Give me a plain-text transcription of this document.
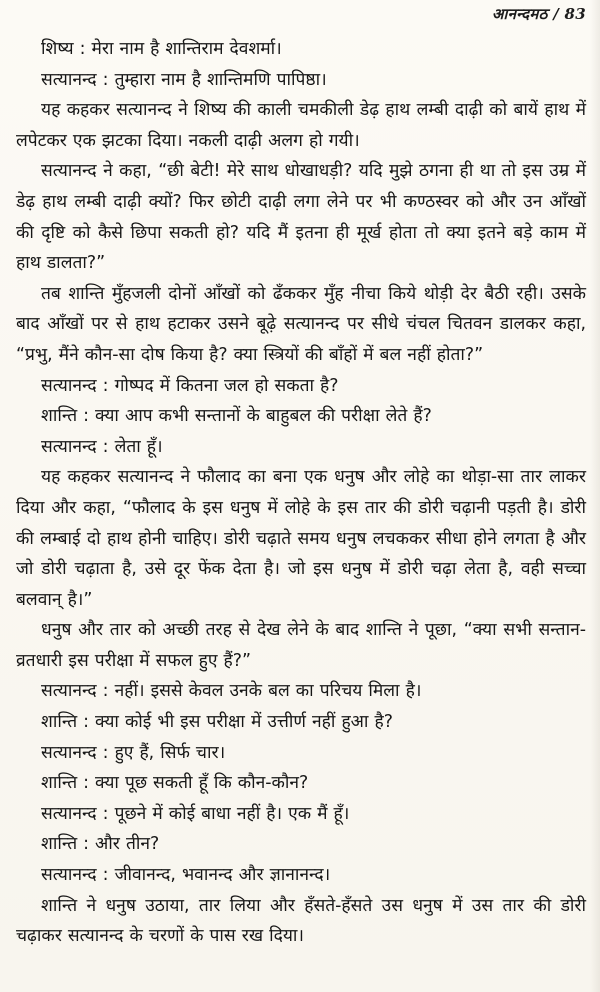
आनन्दमठ / 83

शिष्य : मेरा नाम है शान्तिराम देवशर्मा।

सत्यानन्द : तुम्हारा नाम है शान्तिमणि पापिष्ठा।

यह कहकर सत्यानन्द ने शिष्य की काली चमकीली डेढ़ हाथ लम्बी दाढ़ी को बायें हाथ में लपेटकर एक झटका दिया। नकली दाढ़ी अलग हो गयी।

सत्यानन्द ने कहा, “छी बेटी! मेरे साथ धोखाधड़ी? यदि मुझे ठगना ही था तो इस उम्र में डेढ़ हाथ लम्बी दाढ़ी क्यों? फिर छोटी दाढ़ी लगा लेने पर भी कण्ठस्वर को और उन आँखों की दृष्टि को कैसे छिपा सकती हो? यदि मैं इतना ही मूर्ख होता तो क्या इतने बड़े काम में हाथ डालता?”

तब शान्ति मुँहजली दोनों आँखों को ढँककर मुँह नीचा किये थोड़ी देर बैठी रही। उसके बाद आँखों पर से हाथ हटाकर उसने बूढ़े सत्यानन्द पर सीधे चंचल चितवन डालकर कहा, “प्रभु, मैंने कौन-सा दोष किया है? क्या स्त्रियों की बाँहों में बल नहीं होता?”

सत्यानन्द : गोष्पद में कितना जल हो सकता है?

शान्ति : क्या आप कभी सन्तानों के बाहुबल की परीक्षा लेते हैं?

सत्यानन्द : लेता हूँ।

यह कहकर सत्यानन्द ने फौलाद का बना एक धनुष और लोहे का थोड़ा-सा तार लाकर दिया और कहा, “फौलाद के इस धनुष में लोहे के इस तार की डोरी चढ़ानी पड़ती है। डोरी की लम्बाई दो हाथ होनी चाहिए। डोरी चढ़ाते समय धनुष लचककर सीधा होने लगता है और जो डोरी चढ़ाता है, उसे दूर फेंक देता है। जो इस धनुष में डोरी चढ़ा लेता है, वही सच्चा बलवान् है।”

धनुष और तार को अच्छी तरह से देख लेने के बाद शान्ति ने पूछा, “क्या सभी सन्तान-व्रतधारी इस परीक्षा में सफल हुए हैं?”

सत्यानन्द : नहीं। इससे केवल उनके बल का परिचय मिला है।

शान्ति : क्या कोई भी इस परीक्षा में उत्तीर्ण नहीं हुआ है?

सत्यानन्द : हुए हैं, सिर्फ चार।

शान्ति : क्या पूछ सकती हूँ कि कौन-कौन?

सत्यानन्द : पूछने में कोई बाधा नहीं है। एक मैं हूँ।

शान्ति : और तीन?

सत्यानन्द : जीवानन्द, भवानन्द और ज्ञानानन्द।

शान्ति ने धनुष उठाया, तार लिया और हँसते-हँसते उस धनुष में उस तार की डोरी चढ़ाकर सत्यानन्द के चरणों के पास रख दिया।
